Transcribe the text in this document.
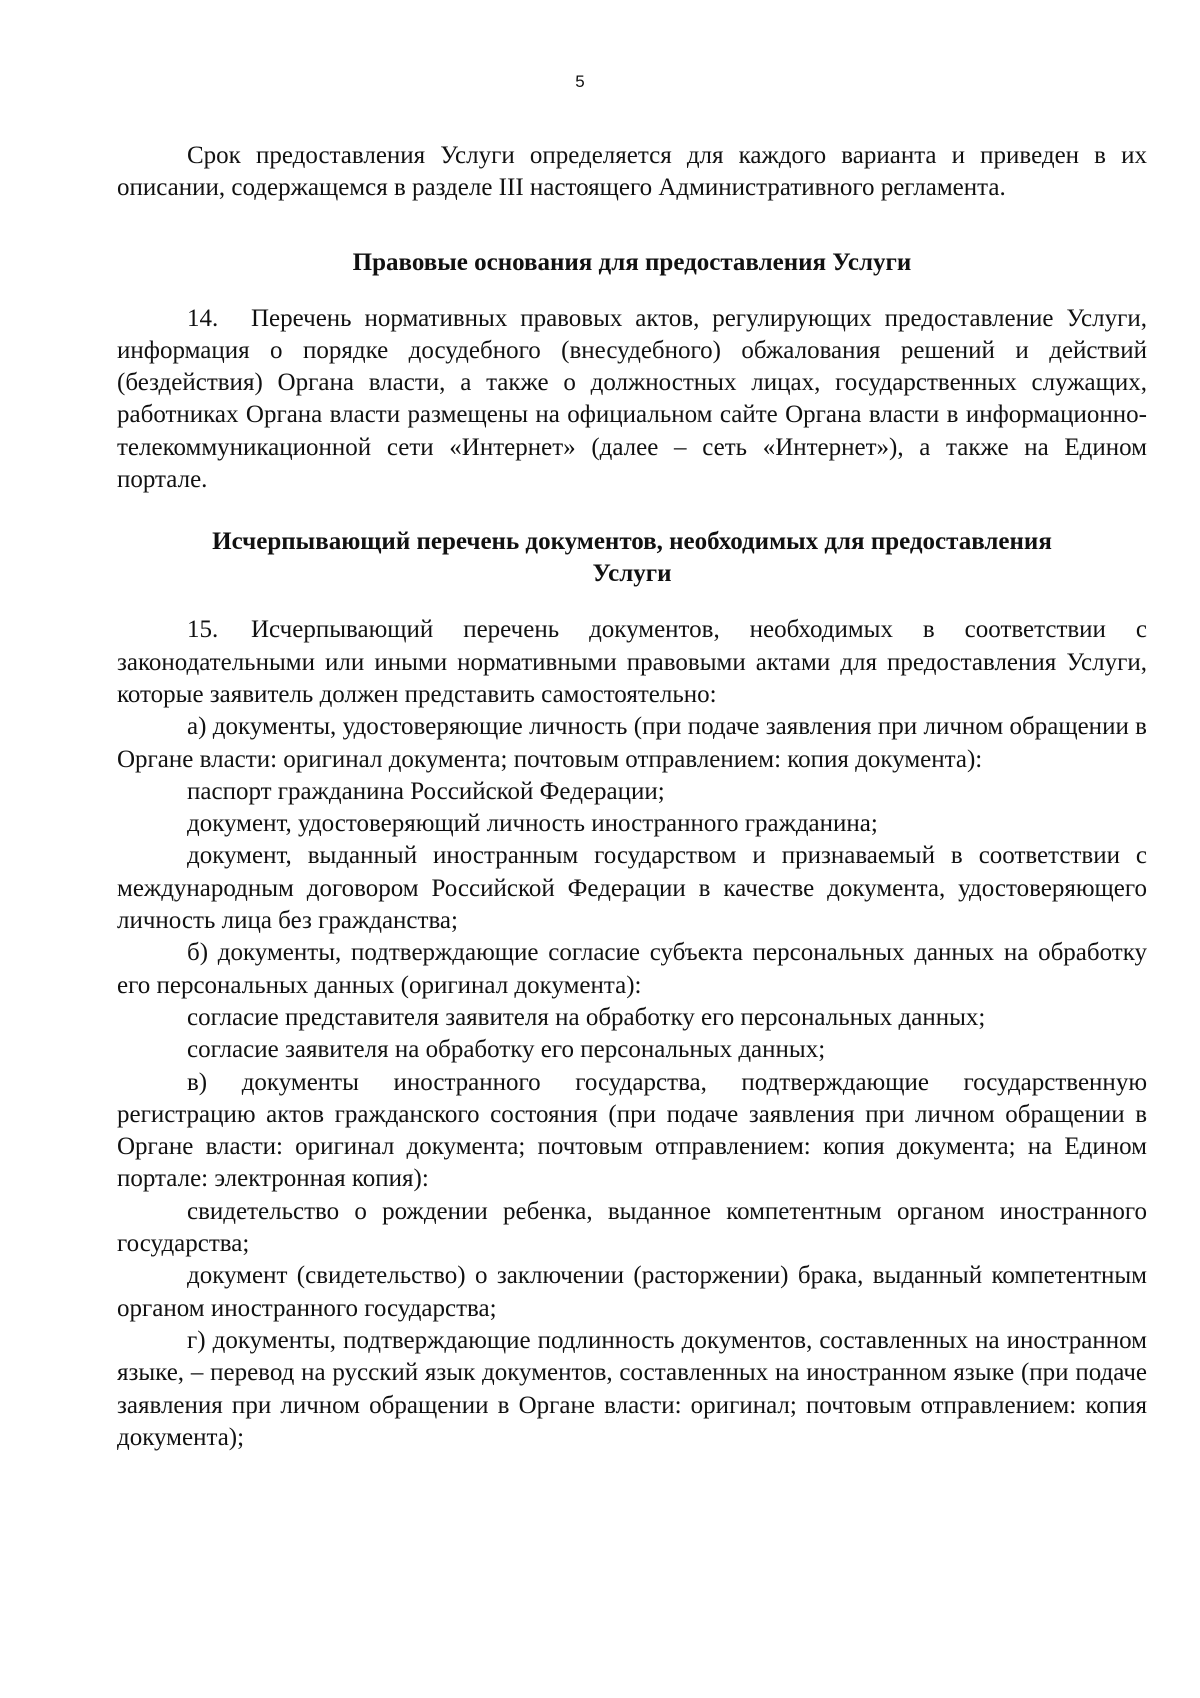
5

Срок предоставления Услуги определяется для каждого варианта и приведен в их описании, содержащемся в разделе III настоящего Административного регламента.

Правовые основания для предоставления Услуги

14. Перечень нормативных правовых актов, регулирующих предоставление Услуги, информация о порядке досудебного (внесудебного) обжалования решений и действий (бездействия) Органа власти, а также о должностных лицах, государственных служащих, работниках Органа власти размещены на официальном сайте Органа власти в информационно-телекоммуникационной сети «Интернет» (далее – сеть «Интернет»), а также на Едином портале.

Исчерпывающий перечень документов, необходимых для предоставления
Услуги

15. Исчерпывающий перечень документов, необходимых в соответствии с законодательными или иными нормативными правовыми актами для предоставления Услуги, которые заявитель должен представить самостоятельно:

а) документы, удостоверяющие личность (при подаче заявления при личном обращении в Органе власти: оригинал документа; почтовым отправлением: копия документа):

паспорт гражданина Российской Федерации;

документ, удостоверяющий личность иностранного гражданина;

документ, выданный иностранным государством и признаваемый в соответствии с международным договором Российской Федерации в качестве документа, удостоверяющего личность лица без гражданства;

б) документы, подтверждающие согласие субъекта персональных данных на обработку его персональных данных (оригинал документа):

согласие представителя заявителя на обработку его персональных данных;

согласие заявителя на обработку его персональных данных;

в) документы иностранного государства, подтверждающие государственную регистрацию актов гражданского состояния (при подаче заявления при личном обращении в Органе власти: оригинал документа; почтовым отправлением: копия документа; на Едином портале: электронная копия):

свидетельство о рождении ребенка, выданное компетентным органом иностранного государства;

документ (свидетельство) о заключении (расторжении) брака, выданный компетентным органом иностранного государства;

г) документы, подтверждающие подлинность документов, составленных на иностранном языке, – перевод на русский язык документов, составленных на иностранном языке (при подаче заявления при личном обращении в Органе власти: оригинал; почтовым отправлением: копия документа);
